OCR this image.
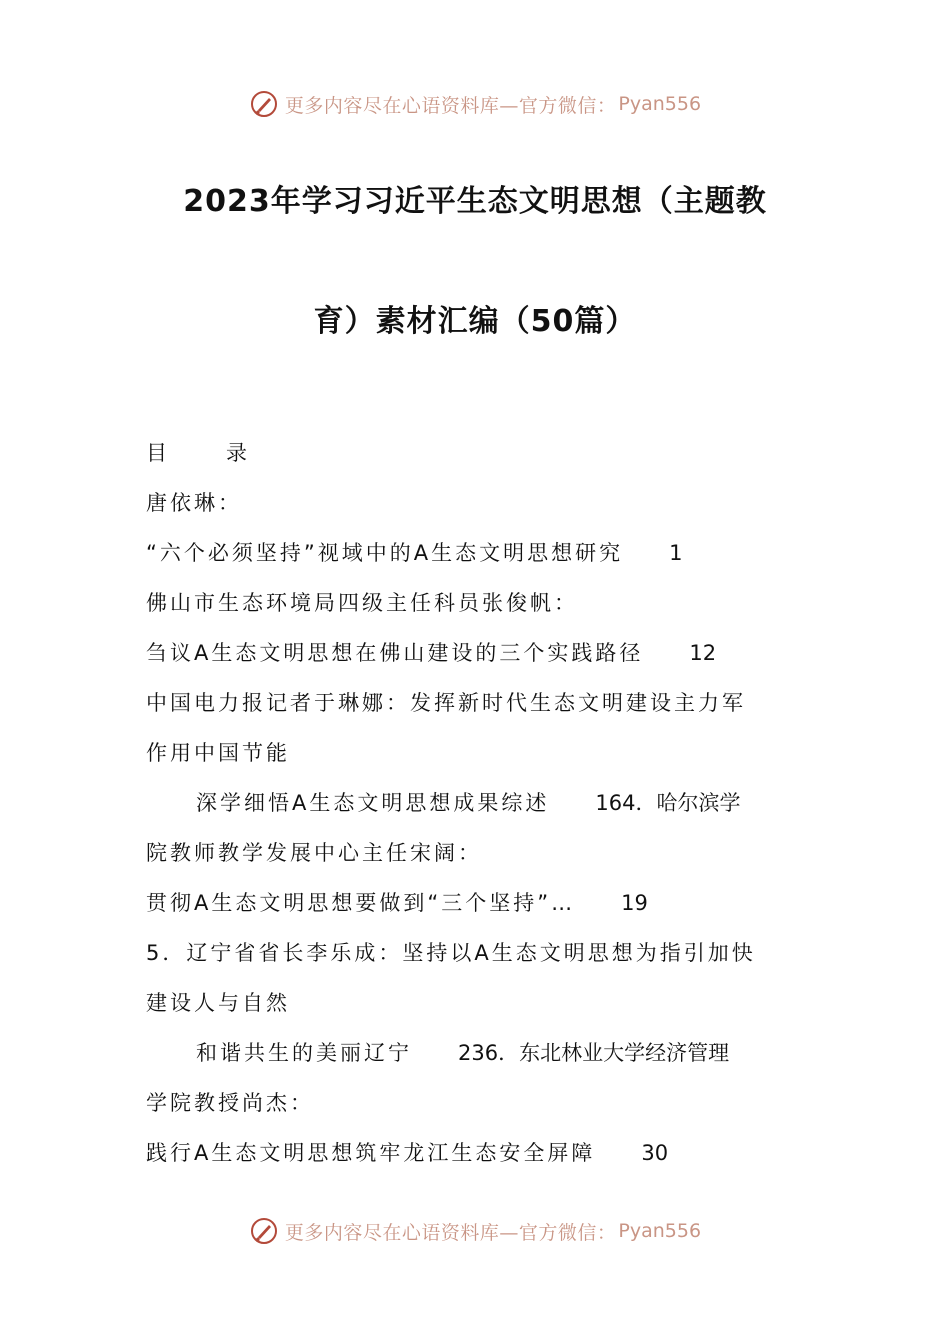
更多内容尽在心语资料库—官方微信： Pyan556
2023年学习习近平生态文明思想（主题教
育）素材汇编（50篇）
目	录
唐依琳：
“六个必须坚持”视域中的A生态文明思想研究 1
佛山市生态环境局四级主任科员张俊帆：
刍议A生态文明思想在佛山建设的三个实践路径 12
中国电力报记者于琳娜：发挥新时代生态文明建设主力军
作用中国节能
深学细悟A生态文明思想成果综述 164．哈尔滨学
院教师教学发展中心主任宋阔：
贯彻A生态文明思想要做到“三个坚持”… 19
5．辽宁省省长李乐成：坚持以A生态文明思想为指引加快
建设人与自然
和谐共生的美丽辽宁 236．东北林业大学经济管理
学院教授尚杰：
践行A生态文明思想筑牢龙江生态安全屏障 30
更多内容尽在心语资料库—官方微信： Pyan556
